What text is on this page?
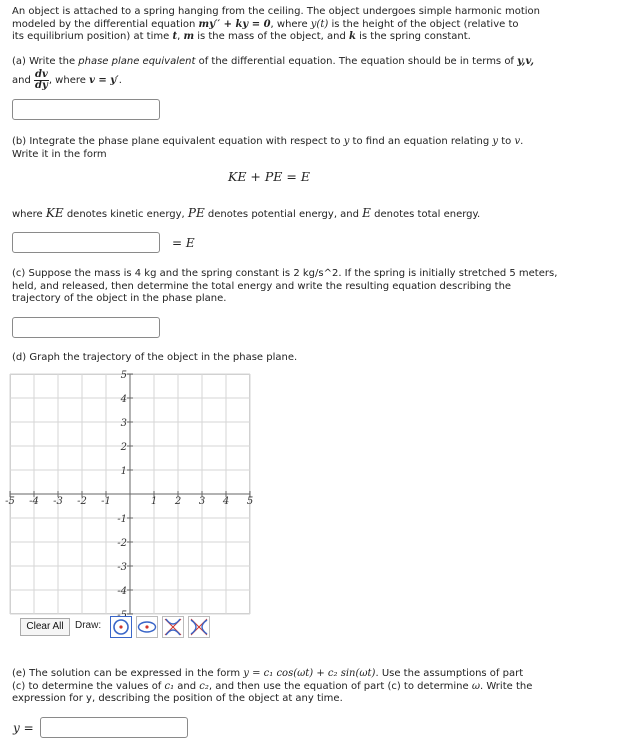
An object is attached to a spring hanging from the ceiling. The object undergoes simple harmonic motion
modeled by the differential equation my′′ + ky = 0, where y(t) is the height of the object (relative to
its equilibrium position) at time t, m is the mass of the object, and k is the spring constant.
(a) Write the phase plane equivalent of the differential equation. The equation should be in terms of y,v,
and $\frac{dv}{dy}$ , where v = y′.
(b) Integrate the phase plane equivalent equation with respect to y to find an equation relating y to v.
Write it in the form
KE + PE = E
where KE denotes kinetic energy, PE denotes potential energy, and E denotes total energy.
= E
(c) Suppose the mass is 4 kg and the spring constant is 2 kg/s^2. If the spring is initially stretched 5 meters,
held, and released, then determine the total energy and write the resulting equation describing the
trajectory of the object in the phase plane.
(d) Graph the trajectory of the object in the phase plane.
-5 -4 -3 -2 -1	1 2 3 4 5
5
4
3
2
1
-1
-2
-3
-4
Clear All	Draw:
(e) The solution can be expressed in the form y = c₁ cos(ωt) + c₂ sin(ωt). Use the assumptions of part
(c) to determine the values of c₁ and c₂, and then use the equation of part (c) to determine ω. Write the
expression for y, describing the position of the object at any time.
y =
